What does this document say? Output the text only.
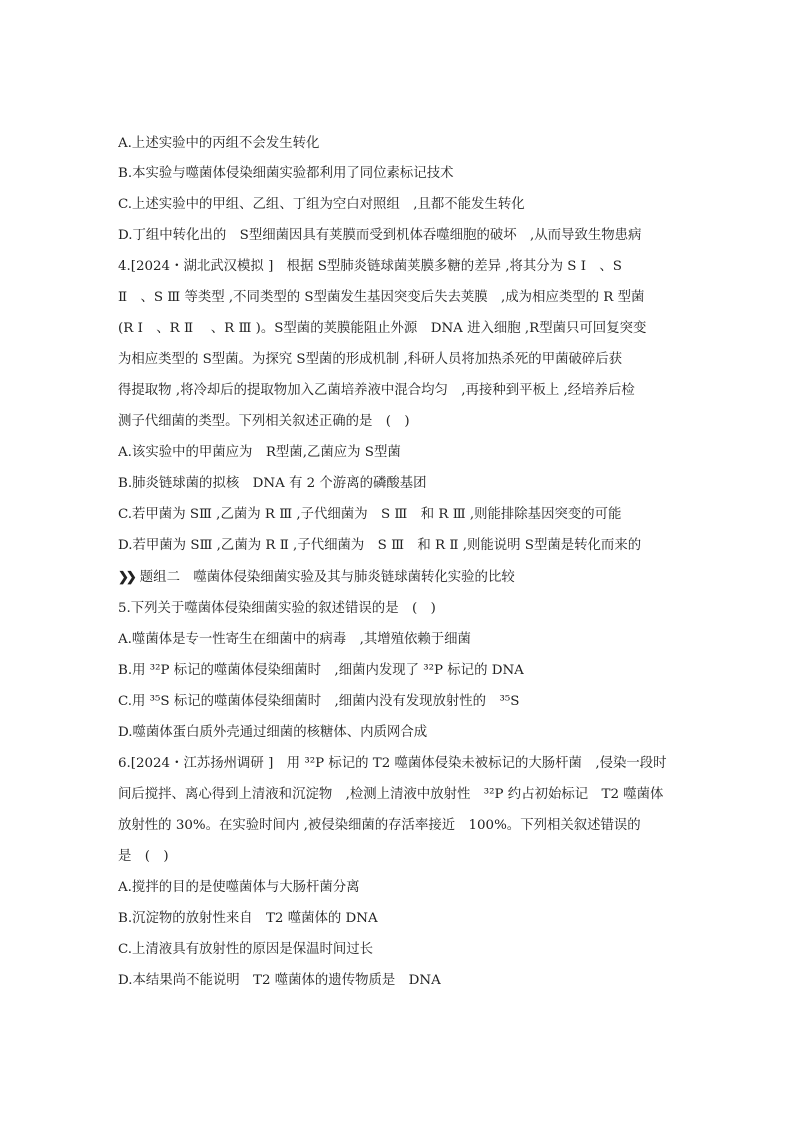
A.上述实验中的丙组不会发生转化
B.本实验与噬菌体侵染细菌实验都利用了同位素标记技术
C.上述实验中的甲组、乙组、丁组为空白对照组　,且都不能发生转化
D.丁组中转化出的　S型细菌因具有荚膜而受到机体吞噬细胞的破坏　,从而导致生物患病
4.[2024・湖北武汉模拟 ]　根据 S型肺炎链球菌荚膜多糖的差异 ,将其分为 S Ⅰ　、S
Ⅱ　、S Ⅲ 等类型 ,不同类型的 S型菌发生基因突变后失去荚膜　,成为相应类型的 R 型菌
(R Ⅰ　、R Ⅱ 　、R Ⅲ )。S型菌的荚膜能阻止外源　DNA 进入细胞 ,R型菌只可回复突变
为相应类型的 S型菌。为探究 S型菌的形成机制 ,科研人员将加热杀死的甲菌破碎后获
得提取物 ,将冷却后的提取物加入乙菌培养液中混合均匀　,再接种到平板上 ,经培养后检
测子代细菌的类型。下列相关叙述正确的是　(　)
A.该实验中的甲菌应为　R型菌,乙菌应为 S型菌
B.肺炎链球菌的拟核　DNA 有 2 个游离的磷酸基团
C.若甲菌为 SⅢ ,乙菌为 R Ⅲ ,子代细菌为　S Ⅲ　和 R Ⅲ ,则能排除基因突变的可能
D.若甲菌为 SⅢ ,乙菌为 R Ⅱ ,子代细菌为　S Ⅲ　和 R Ⅱ ,则能说明 S型菌是转化而来的
❯❯ 题组二　噬菌体侵染细菌实验及其与肺炎链球菌转化实验的比较
5.下列关于噬菌体侵染细菌实验的叙述错误的是　(　)
A.噬菌体是专一性寄生在细菌中的病毒　,其增殖依赖于细菌
B.用 ³²P 标记的噬菌体侵染细菌时　,细菌内发现了 ³²P 标记的 DNA
C.用 ³⁵S 标记的噬菌体侵染细菌时　,细菌内没有发现放射性的　³⁵S
D.噬菌体蛋白质外壳通过细菌的核糖体、内质网合成
6.[2024・江苏扬州调研 ]　用 ³²P 标记的 T2 噬菌体侵染未被标记的大肠杆菌　,侵染一段时
间后搅拌、离心得到上清液和沉淀物　,检测上清液中放射性　³²P 约占初始标记　T2 噬菌体
放射性的 30%。在实验时间内 ,被侵染细菌的存活率接近　100%。下列相关叙述错误的
是　(　)
A.搅拌的目的是使噬菌体与大肠杆菌分离
B.沉淀物的放射性来自　T2 噬菌体的 DNA
C.上清液具有放射性的原因是保温时间过长
D.本结果尚不能说明　T2 噬菌体的遗传物质是　DNA
